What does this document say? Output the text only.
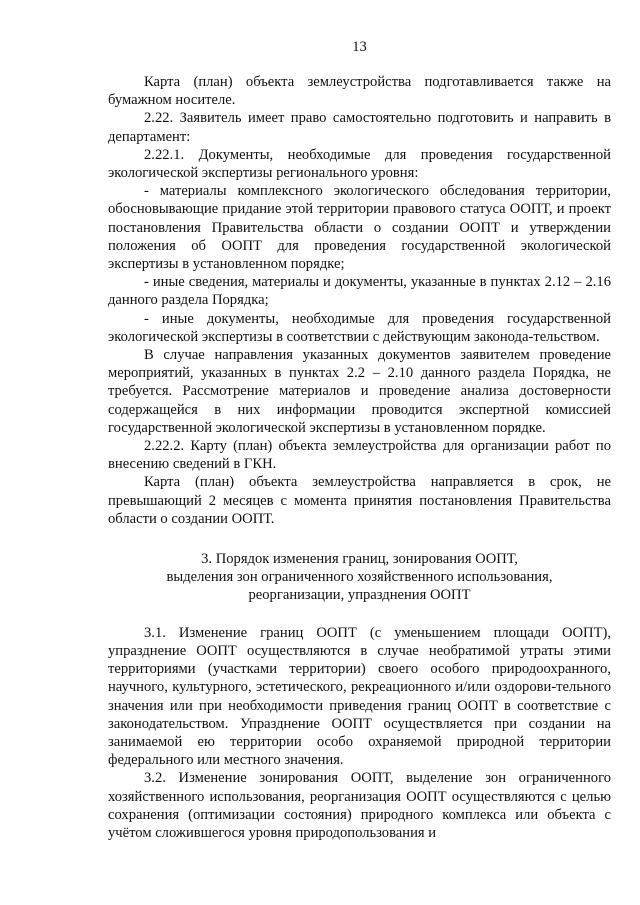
13

Карта (план) объекта землеустройства подготавливается также на бумажном носителе.

2.22. Заявитель имеет право самостоятельно подготовить и направить в департамент:

2.22.1. Документы, необходимые для проведения государственной экологической экспертизы регионального уровня:

- материалы комплексного экологического обследования территории, обосновывающие придание этой территории правового статуса ООПТ, и проект постановления Правительства области о создании ООПТ и утверждении положения об ООПТ для проведения государственной экологической экспертизы в установленном порядке;

- иные сведения, материалы и документы, указанные в пунктах 2.12 – 2.16 данного раздела Порядка;

- иные документы, необходимые для проведения государственной экологической экспертизы в соответствии с действующим законода-тельством.

В случае направления указанных документов заявителем проведение мероприятий, указанных в пунктах 2.2 – 2.10 данного раздела Порядка, не требуется. Рассмотрение материалов и проведение анализа достоверности содержащейся в них информации проводится экспертной комиссией государственной экологической экспертизы в установленном порядке.

2.22.2. Карту (план) объекта землеустройства для организации работ по внесению сведений в ГКН.

Карта (план) объекта землеустройства направляется в срок, не превышающий 2 месяцев с момента принятия постановления Правительства области о создании ООПТ.

3. Порядок изменения границ, зонирования ООПТ,
выделения зон ограниченного хозяйственного использования,
реорганизации, упразднения ООПТ

3.1. Изменение границ ООПТ (с уменьшением площади ООПТ), упразднение ООПТ осуществляются в случае необратимой утраты этими территориями (участками территории) своего особого природоохранного, научного, культурного, эстетического, рекреационного и/или оздорови-тельного значения или при необходимости приведения границ ООПТ в соответствие с законодательством. Упразднение ООПТ осуществляется при создании на занимаемой ею территории особо охраняемой природной территории федерального или местного значения.

3.2. Изменение зонирования ООПТ, выделение зон ограниченного хозяйственного использования, реорганизация ООПТ осуществляются с целью сохранения (оптимизации состояния) природного комплекса или объекта с учётом сложившегося уровня природопользования и
